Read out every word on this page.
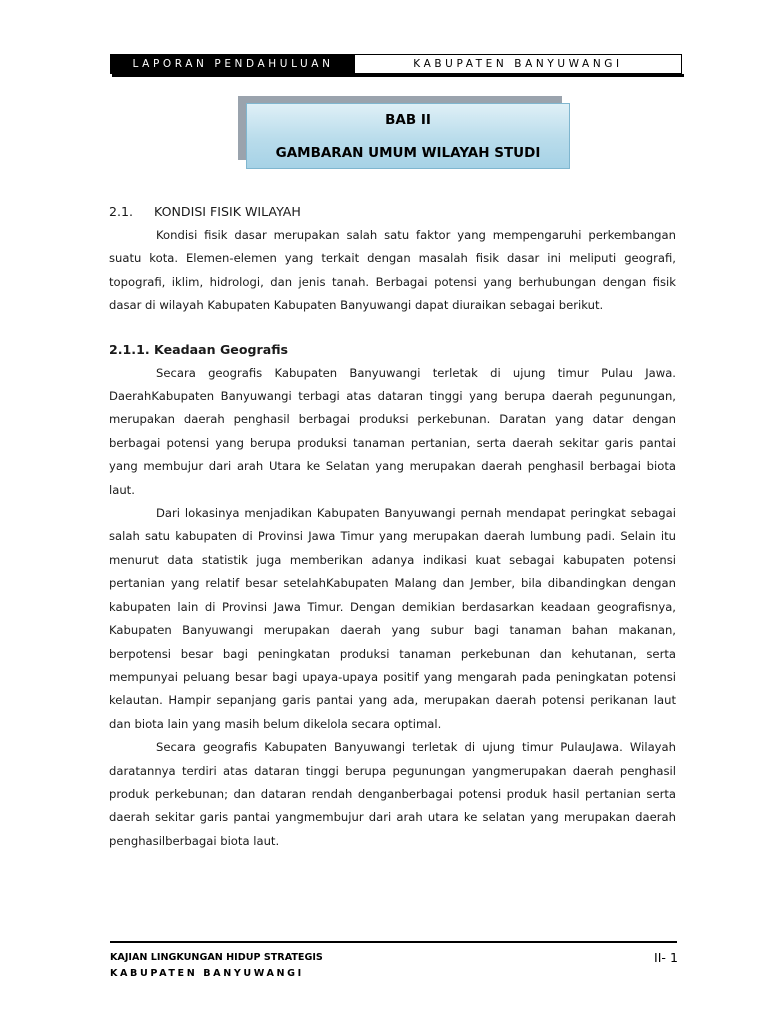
LAPORAN PENDAHULUAN	KABUPATEN BANYUWANGI
BAB II
GAMBARAN UMUM WILAYAH STUDI
2.1.	KONDISI FISIK WILAYAH

Kondisi fisik dasar merupakan salah satu faktor yang mempengaruhi perkembangan suatu kota. Elemen-elemen yang terkait dengan masalah fisik dasar ini meliputi geografi, topografi, iklim, hidrologi, dan jenis tanah. Berbagai potensi yang berhubungan dengan fisik dasar di wilayah Kabupaten Kabupaten Banyuwangi dapat diuraikan sebagai berikut.

2.1.1. Keadaan Geografis

Secara geografis Kabupaten Banyuwangi terletak di ujung timur Pulau Jawa. DaerahKabupaten Banyuwangi terbagi atas dataran tinggi yang berupa daerah pegunungan, merupakan daerah penghasil berbagai produksi perkebunan. Daratan yang datar dengan berbagai potensi yang berupa produksi tanaman pertanian, serta daerah sekitar garis pantai yang membujur dari arah Utara ke Selatan yang merupakan daerah penghasil berbagai biota laut.

Dari lokasinya menjadikan Kabupaten Banyuwangi pernah mendapat peringkat sebagai salah satu kabupaten di Provinsi Jawa Timur yang merupakan daerah lumbung padi. Selain itu menurut data statistik juga memberikan adanya indikasi kuat sebagai kabupaten potensi pertanian yang relatif besar setelahKabupaten Malang dan Jember, bila dibandingkan dengan kabupaten lain di Provinsi Jawa Timur. Dengan demikian berdasarkan keadaan geografisnya, Kabupaten Banyuwangi merupakan daerah yang subur bagi tanaman bahan makanan, berpotensi besar bagi peningkatan produksi tanaman perkebunan dan kehutanan, serta mempunyai peluang besar bagi upaya-upaya positif yang mengarah pada peningkatan potensi kelautan. Hampir sepanjang garis pantai yang ada, merupakan daerah potensi perikanan laut dan biota lain yang masih belum dikelola secara optimal.

Secara geografis Kabupaten Banyuwangi terletak di ujung timur PulauJawa. Wilayah daratannya terdiri atas dataran tinggi berupa pegunungan yangmerupakan daerah penghasil produk perkebunan; dan dataran rendah denganberbagai potensi produk hasil pertanian serta daerah sekitar garis pantai yangmembujur dari arah utara ke selatan yang merupakan daerah penghasilberbagai biota laut.

KAJIAN LINGKUNGAN HIDUP STRATEGIS
KABUPATEN BANYUWANGI
II- 1
